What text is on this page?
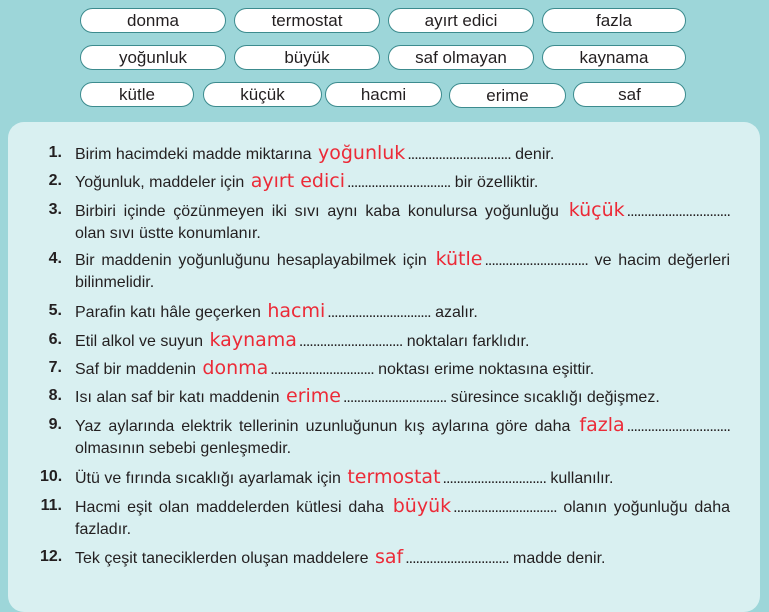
donma	termostat	ayırt edici	fazla
yoğunluk	büyük	saf olmayan	kaynama
kütle	küçük	hacmi	erime	saf
1. Birim hacimdeki madde miktarına yoğunluk .............................. denir.
2. Yoğunluk, maddeler için ayırt edici .............................. bir özelliktir.
3. Birbiri içinde çözünmeyen iki sıvı aynı kaba konulursa yoğunluğu küçük .............................. olan sıvı üstte konumlanır.
4. Bir maddenin yoğunluğunu hesaplayabilmek için kütle .............................. ve hacim değerleri bilinmelidir.
5. Parafin katı hâle geçerken hacmi .............................. azalır.
6. Etil alkol ve suyun kaynama .............................. noktaları farklıdır.
7. Saf bir maddenin donma .............................. noktası erime noktasına eşittir.
8. Isı alan saf bir katı maddenin erime .............................. süresince sıcaklığı değişmez.
9. Yaz aylarında elektrik tellerinin uzunluğunun kış aylarına göre daha fazla .............................. olmasının sebebi genleşmedir.
10. Ütü ve fırında sıcaklığı ayarlamak için termostat .............................. kullanılır.
11. Hacmi eşit olan maddelerden kütlesi daha büyük .............................. olanın yoğunluğu daha fazladır.
12. Tek çeşit taneciklerden oluşan maddelere saf .............................. madde denir.
